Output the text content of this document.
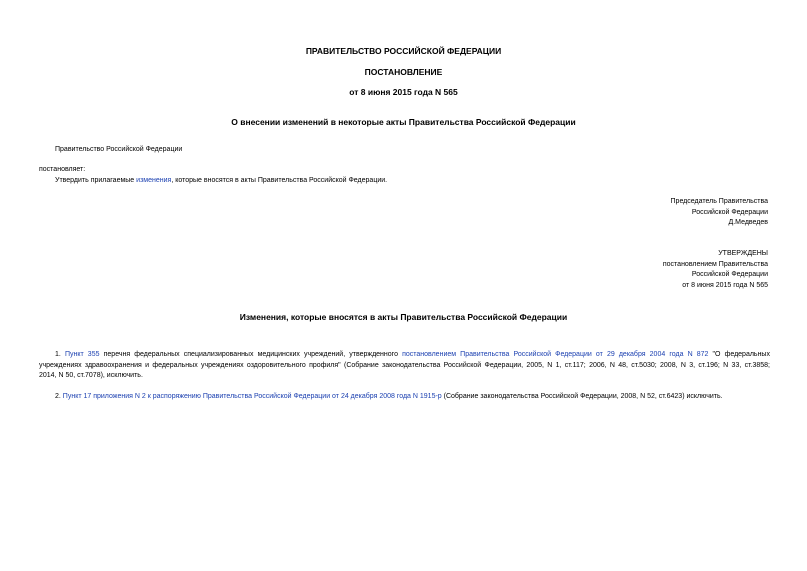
ПРАВИТЕЛЬСТВО РОССИЙСКОЙ ФЕДЕРАЦИИ
ПОСТАНОВЛЕНИЕ
от 8 июня 2015 года N 565
О внесении изменений в некоторые акты Правительства Российской Федерации
Правительство Российской Федерации
постановляет:
Утвердить прилагаемые изменения, которые вносятся в акты Правительства Российской Федерации.
Председатель Правительства
Российской Федерации
Д.Медведев
УТВЕРЖДЕНЫ
постановлением Правительства
Российской Федерации
от 8 июня 2015 года N 565
Изменения, которые вносятся в акты Правительства Российской Федерации
1. Пункт 355 перечня федеральных специализированных медицинских учреждений, утвержденного постановлением Правительства Российской Федерации от 29 декабря 2004 года N 872 "О федеральных
учреждениях здравоохранения и федеральных учреждениях оздоровительного профиля" (Собрание законодательства Российской Федерации, 2005, N 1, ст.117; 2006, N 48, ст.5030; 2008, N 3, ст.196; N 33, ст.3858;
2014, N 50, ст.7078), исключить.
2. Пункт 17 приложения N 2 к распоряжению Правительства Российской Федерации от 24 декабря 2008 года N 1915-р (Собрание законодательства Российской Федерации, 2008, N 52, ст.6423) исключить.
